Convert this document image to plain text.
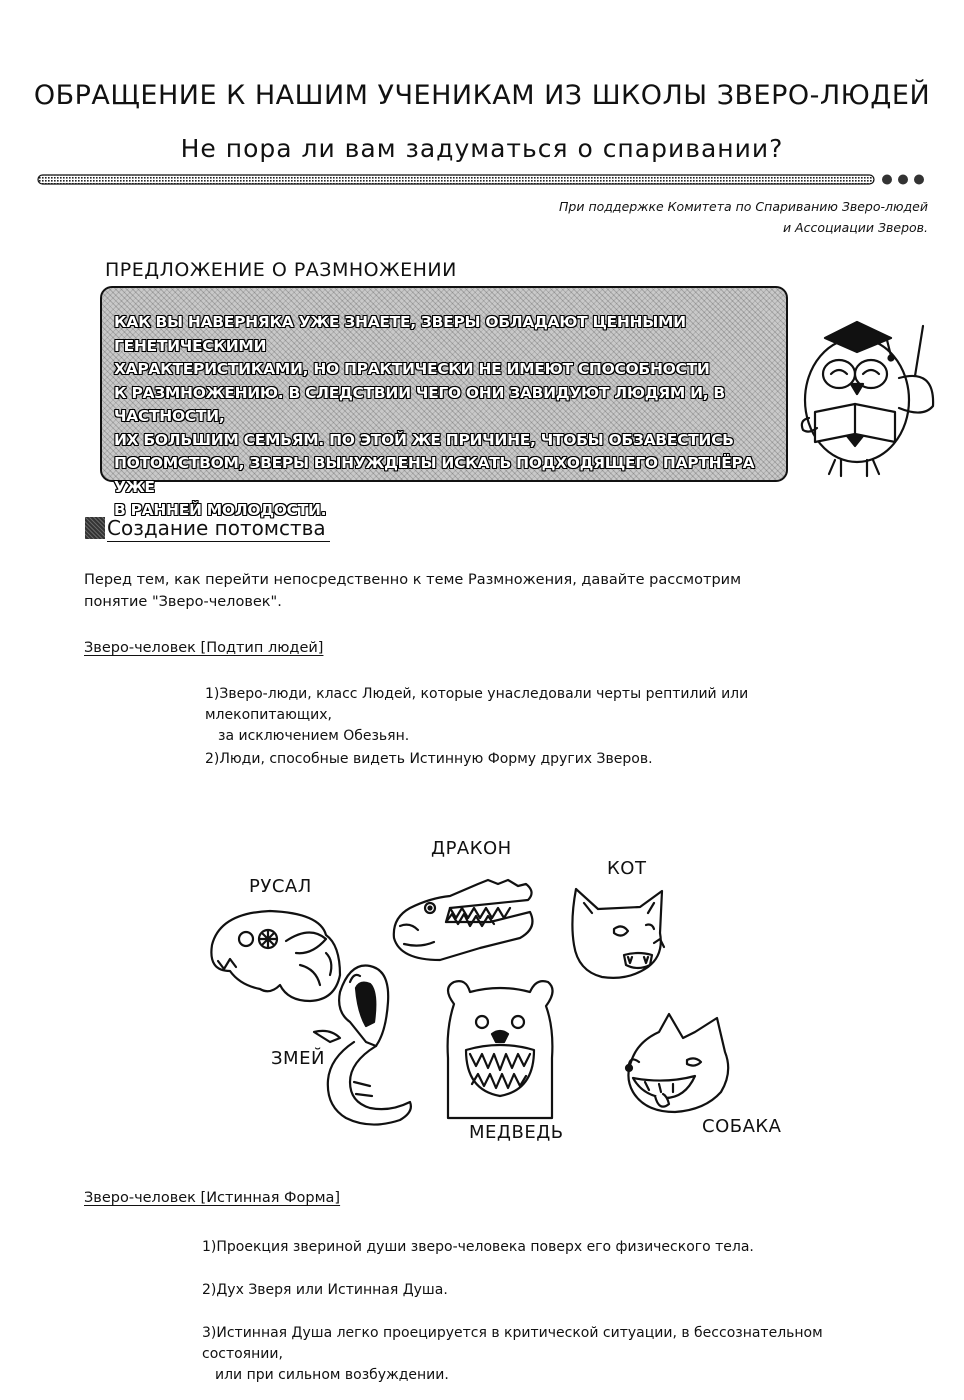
ОБРАЩЕНИЕ К НАШИМ УЧЕНИКАМ ИЗ ШКОЛЫ ЗВЕРО-ЛЮДЕЙ
Не пора ли вам задуматься о спаривании?
При поддержке Комитета по Спариванию Зверо-людей
и Ассоциации Зверов.
ПРЕДЛОЖЕНИЕ О РАЗМНОЖЕНИИ
КАК ВЫ НАВЕРНЯКА УЖЕ ЗНАЕТЕ, ЗВЕРЫ ОБЛАДАЮТ ЦЕННЫМИ ГЕНЕТИЧЕСКИМИ
ХАРАКТЕРИСТИКАМИ, НО ПРАКТИЧЕСКИ НЕ ИМЕЮТ СПОСОБНОСТИ
К РАЗМНОЖЕНИЮ. В СЛЕДСТВИИ ЧЕГО ОНИ ЗАВИДУЮТ ЛЮДЯМ И, В ЧАСТНОСТИ,
ИХ БОЛЬШИМ СЕМЬЯМ. ПО ЭТОЙ ЖЕ ПРИЧИНЕ, ЧТОБЫ ОБЗАВЕСТИСЬ
ПОТОМСТВОМ, ЗВЕРЫ ВЫНУЖДЕНЫ ИСКАТЬ ПОДХОДЯЩЕГО ПАРТНЁРА УЖЕ
В РАННЕЙ МОЛОДОСТИ.
Создание потомства
Перед тем, как перейти непосредственно к теме Размножения, давайте рассмотрим
понятие "Зверо-человек".
Зверо-человек [Подтип людей]
1)Зверо-люди, класс Людей, которые унаследовали черты рептилий или млекопитающих,
за исключением Обезьян.
2)Люди, способные видеть Истинную Форму других Зверов.
ДРАКОН
КОТ
РУСАЛ
ЗМЕЙ
МЕДВЕДЬ	СОБАКА
Зверо-человек [Истинная Форма]
1)Проекция звериной души зверо-человека поверх его физического тела.
2)Дух Зверя или Истинная Душа.
3)Истинная Душа легко проецируется в критической ситуации, в бессознательном состоянии,
или при сильном возбуждении.
